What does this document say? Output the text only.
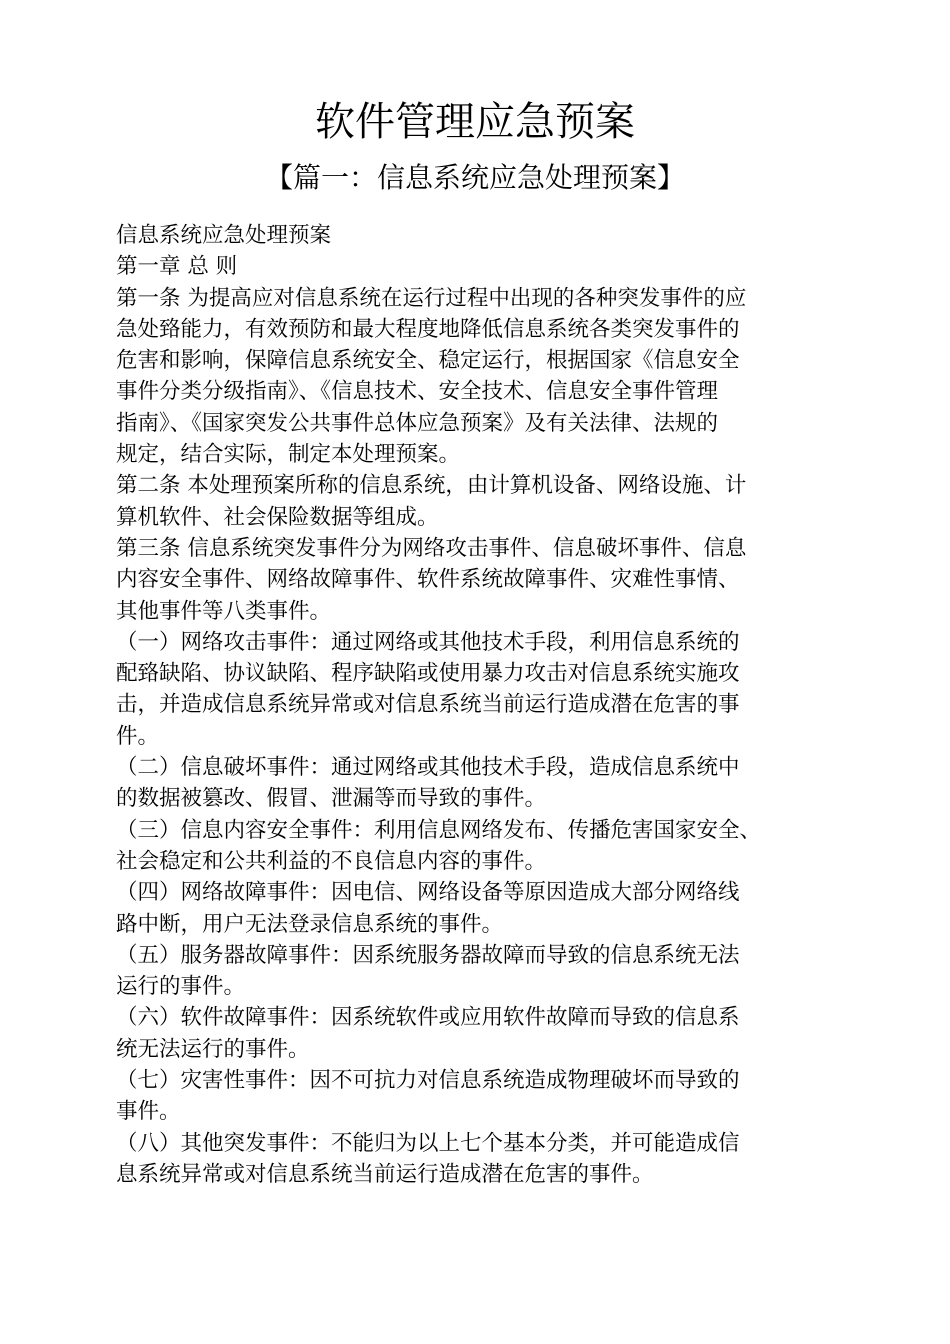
软件管理应急预案
【篇一：信息系统应急处理预案】
信息系统应急处理预案
第一章 总 则
第一条 为提高应对信息系统在运行过程中出现的各种突发事件的应
急处臵能力，有效预防和最大程度地降低信息系统各类突发事件的
危害和影响，保障信息系统安全、稳定运行，根据国家《信息安全
事件分类分级指南》、《信息技术、安全技术、信息安全事件管理
指南》、《国家突发公共事件总体应急预案》及有关法律、法规的
规定，结合实际，制定本处理预案。
第二条 本处理预案所称的信息系统，由计算机设备、网络设施、计
算机软件、社会保险数据等组成。
第三条 信息系统突发事件分为网络攻击事件、信息破坏事件、信息
内容安全事件、网络故障事件、软件系统故障事件、灾难性事情、
其他事件等八类事件。
（一）网络攻击事件：通过网络或其他技术手段，利用信息系统的
配臵缺陷、协议缺陷、程序缺陷或使用暴力攻击对信息系统实施攻
击，并造成信息系统异常或对信息系统当前运行造成潜在危害的事
件。
（二）信息破坏事件：通过网络或其他技术手段，造成信息系统中
的数据被篡改、假冒、泄漏等而导致的事件。
（三）信息内容安全事件：利用信息网络发布、传播危害国家安全、
社会稳定和公共利益的不良信息内容的事件。
（四）网络故障事件：因电信、网络设备等原因造成大部分网络线
路中断，用户无法登录信息系统的事件。
（五）服务器故障事件：因系统服务器故障而导致的信息系统无法
运行的事件。
（六）软件故障事件：因系统软件或应用软件故障而导致的信息系
统无法运行的事件。
（七）灾害性事件：因不可抗力对信息系统造成物理破坏而导致的
事件。
（八）其他突发事件：不能归为以上七个基本分类，并可能造成信
息系统异常或对信息系统当前运行造成潜在危害的事件。
